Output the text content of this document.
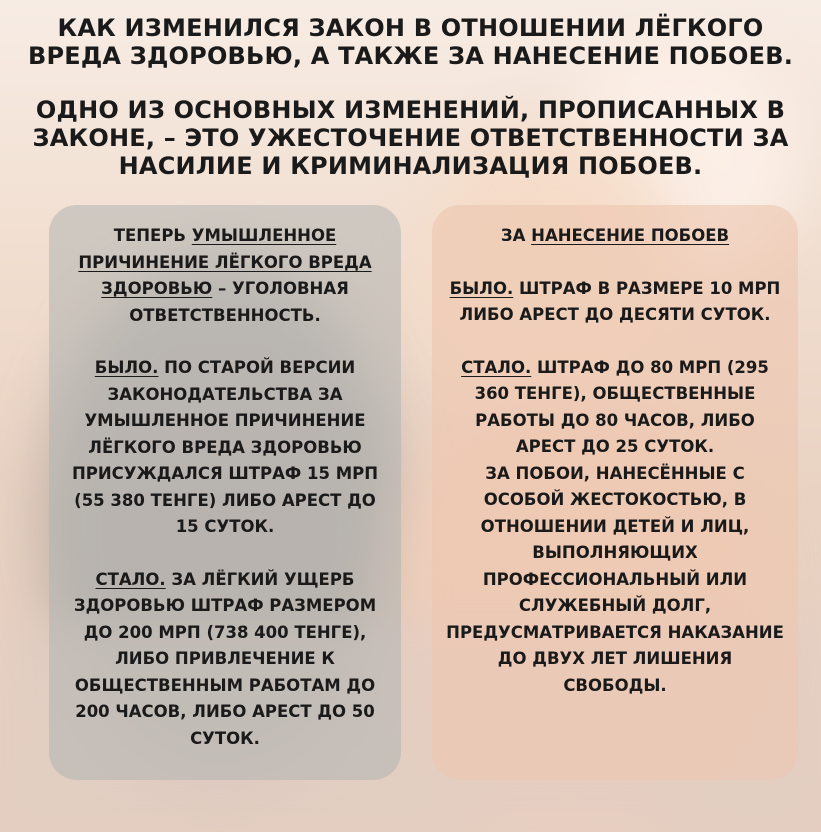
КАК ИЗМЕНИЛСЯ ЗАКОН В ОТНОШЕНИИ ЛЁГКОГО ВРЕДА ЗДОРОВЬЮ, А ТАКЖЕ ЗА НАНЕСЕНИЕ ПОБОЕВ.
ОДНО ИЗ ОСНОВНЫХ ИЗМЕНЕНИЙ, ПРОПИСАННЫХ В ЗАКОНЕ, – ЭТО УЖЕСТОЧЕНИЕ ОТВЕТСТВЕННОСТИ ЗА НАСИЛИЕ И КРИМИНАЛИЗАЦИЯ ПОБОЕВ.

ТЕПЕРЬ УМЫШЛЕННОЕ ПРИЧИНЕНИЕ ЛЁГКОГО ВРЕДА ЗДОРОВЬЮ – УГОЛОВНАЯ ОТВЕТСТВЕННОСТЬ.

БЫЛО. ПО СТАРОЙ ВЕРСИИ ЗАКОНОДАТЕЛЬСТВА ЗА УМЫШЛЕННОЕ ПРИЧИНЕНИЕ ЛЁГКОГО ВРЕДА ЗДОРОВЬЮ ПРИСУЖДАЛСЯ ШТРАФ 15 МРП (55 380 ТЕНГЕ) ЛИБО АРЕСТ ДО 15 СУТОК.

СТАЛО. ЗА ЛЁГКИЙ УЩЕРБ ЗДОРОВЬЮ ШТРАФ РАЗМЕРОМ ДО 200 МРП (738 400 ТЕНГЕ), ЛИБО ПРИВЛЕЧЕНИЕ К ОБЩЕСТВЕННЫМ РАБОТАМ ДО 200 ЧАСОВ, ЛИБО АРЕСТ ДО 50 СУТОК.

ЗА НАНЕСЕНИЕ ПОБОЕВ

БЫЛО. ШТРАФ В РАЗМЕРЕ 10 МРП ЛИБО АРЕСТ ДО ДЕСЯТИ СУТОК.

СТАЛО. ШТРАФ ДО 80 МРП (295 360 ТЕНГЕ), ОБЩЕСТВЕННЫЕ РАБОТЫ ДО 80 ЧАСОВ, ЛИБО АРЕСТ ДО 25 СУТОК.

ЗА ПОБОИ, НАНЕСЁННЫЕ С ОСОБОЙ ЖЕСТОКОСТЬЮ, В ОТНОШЕНИИ ДЕТЕЙ И ЛИЦ, ВЫПОЛНЯЮЩИХ ПРОФЕССИОНАЛЬНЫЙ ИЛИ СЛУЖЕБНЫЙ ДОЛГ, ПРЕДУСМАТРИВАЕТСЯ НАКАЗАНИЕ ДО ДВУХ ЛЕТ ЛИШЕНИЯ СВОБОДЫ.
